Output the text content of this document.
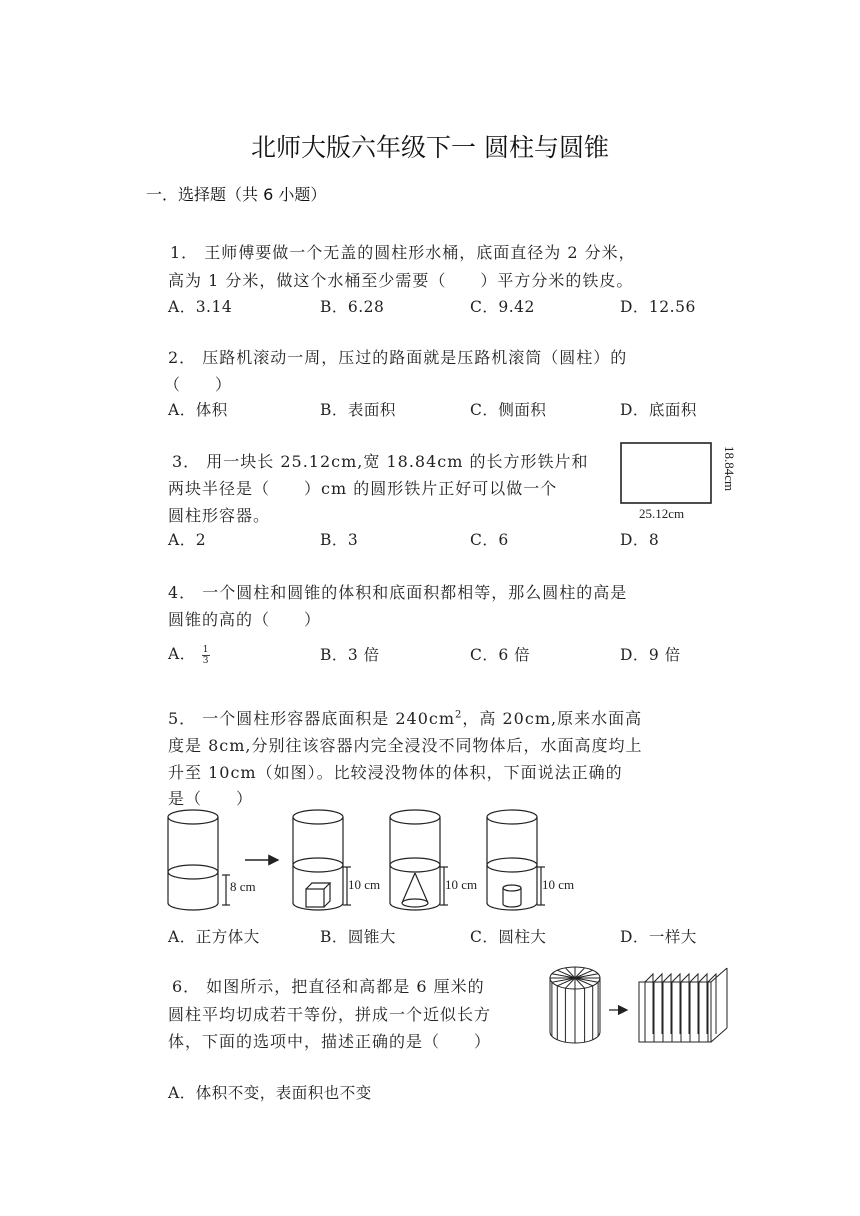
北师大版六年级下一 圆柱与圆锥
一．选择题（共 6 小题）
1． 王师傅要做一个无盖的圆柱形水桶，底面直径为 2 分米，
高为 1 分米，做这个水桶至少需要（　　）平方分米的铁皮。
A．3.14	B．6.28	C．9.42	D．12.56
2． 压路机滚动一周，压过的路面就是压路机滚筒（圆柱）的
（　　）
A．体积	B．表面积	C．侧面积	D．底面积
3． 用一块长 25.12cm,宽 18.84cm 的长方形铁片和
两块半径是（　　）cm 的圆形铁片正好可以做一个
圆柱形容器。
A．2	B．3	C．6	D．8
25.12cm
18.84cm
4． 一个圆柱和圆锥的体积和底面积都相等，那么圆柱的高是
圆锥的高的（　　）
A． $\frac{1}{3}$	B．3 倍	C．6 倍	D．9 倍
5． 一个圆柱形容器底面积是 $240cm^2$，高 20cm,原来水面高
度是 8cm,分别往该容器内完全浸没不同物体后，水面高度均上
升至 10cm（如图）。比较浸没物体的体积，下面说法正确的
是（　　）
8 cm	10 cm	10 cm	10 cm
A．正方体大	B．圆锥大	C．圆柱大	D．一样大
6． 如图所示，把直径和高都是 6 厘米的
圆柱平均切成若干等份，拼成一个近似长方
体，下面的选项中，描述正确的是（　　）
A．体积不变，表面积也不变
